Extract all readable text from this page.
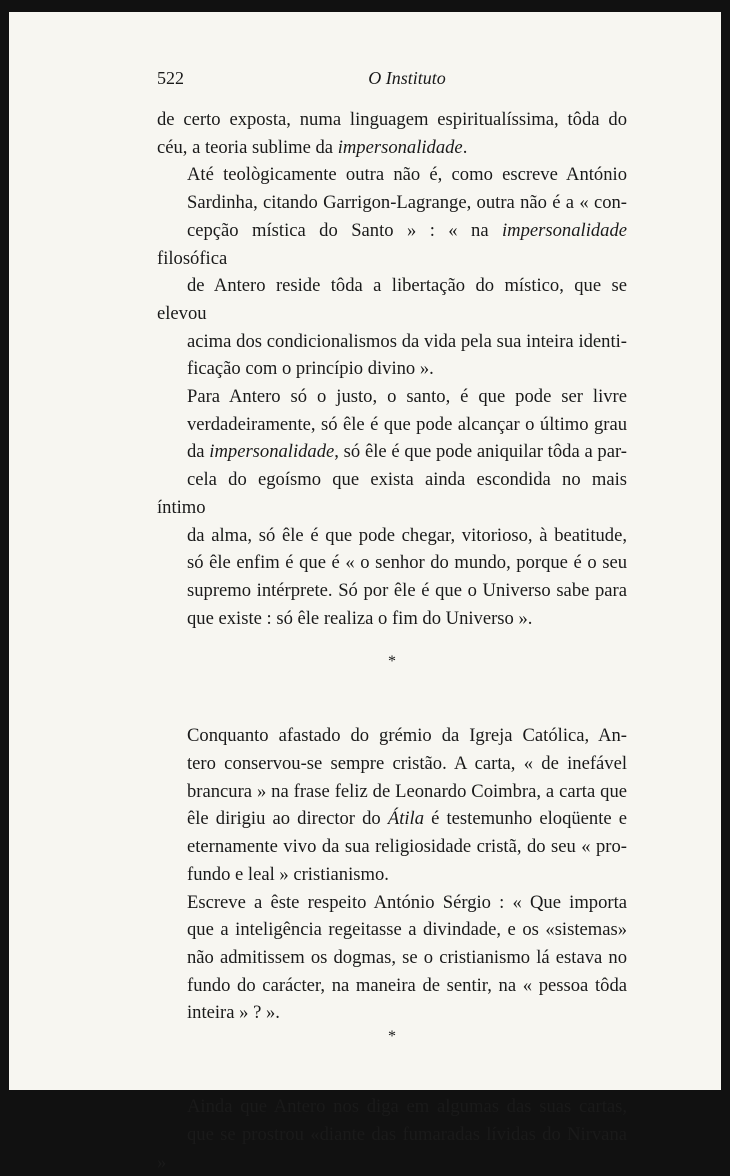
522	O Instituto

de certo exposta, numa linguagem espiritualíssima, tôda do
céu, a teoria sublime da impersonalidade.

Até teològicamente outra não é, como escreve António
Sardinha, citando Garrigon-Lagrange, outra não é a « con-
cepção mística do Santo » : « na impersonalidade filosófica
de Antero reside tôda a libertação do místico, que se elevou
acima dos condicionalismos da vida pela sua inteira identi-
ficação com o princípio divino ».

Para Antero só o justo, o santo, é que pode ser livre
verdadeiramente, só êle é que pode alcançar o último grau
da impersonalidade, só êle é que pode aniquilar tôda a par-
cela do egoísmo que exista ainda escondida no mais íntimo
da alma, só êle é que pode chegar, vitorioso, à beatitude,
só êle enfim é que é « o senhor do mundo, porque é o seu
supremo intérprete. Só por êle é que o Universo sabe para
que existe : só êle realiza o fim do Universo ».

*

Conquanto afastado do grémio da Igreja Católica, An-
tero conservou-se sempre cristão. A carta, « de inefável
brancura » na frase feliz de Leonardo Coimbra, a carta que
êle dirigiu ao director do Átila é testemunho eloqüente e
eternamente vivo da sua religiosidade cristã, do seu « pro-
fundo e leal » cristianismo.

Escreve a êste respeito António Sérgio : « Que importa
que a inteligência regeitasse a divindade, e os «sistemas»
não admitissem os dogmas, se o cristianismo lá estava no
fundo do carácter, na maneira de sentir, na « pessoa tôda
inteira » ? ».

*

Ainda que Antero nos diga em algumas das suas cartas,
que se prostrou «diante das fumaradas lívidas do Nirvana »
